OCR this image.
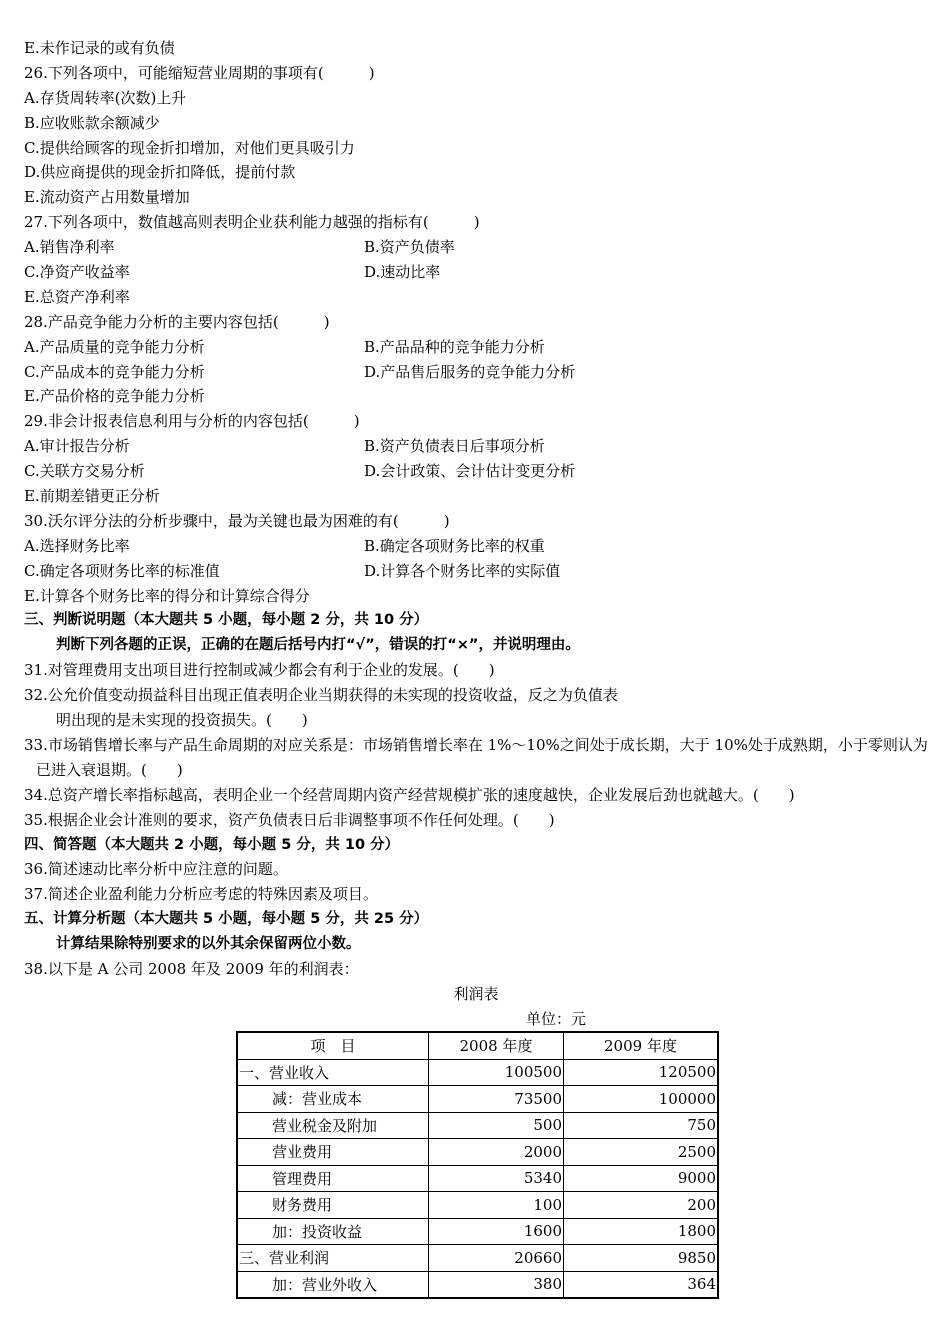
E.未作记录的或有负债
26.下列各项中，可能缩短营业周期的事项有(　　　)
A.存货周转率(次数)上升
B.应收账款余额减少
C.提供给顾客的现金折扣增加，对他们更具吸引力
D.供应商提供的现金折扣降低，提前付款
E.流动资产占用数量增加
27.下列各项中，数值越高则表明企业获利能力越强的指标有(　　　)
A.销售净利率	B.资产负债率
C.净资产收益率	D.速动比率
E.总资产净利率
28.产品竞争能力分析的主要内容包括(　　　)
A.产品质量的竞争能力分析	B.产品品种的竞争能力分析
C.产品成本的竞争能力分析	D.产品售后服务的竞争能力分析
E.产品价格的竞争能力分析
29.非会计报表信息利用与分析的内容包括(　　　)
A.审计报告分析	B.资产负债表日后事项分析
C.关联方交易分析	D.会计政策、会计估计变更分析
E.前期差错更正分析
30.沃尔评分法的分析步骤中，最为关键也最为困难的有(　　　)
A.选择财务比率	B.确定各项财务比率的权重
C.确定各项财务比率的标准值	D.计算各个财务比率的实际值
E.计算各个财务比率的得分和计算综合得分
三、判断说明题（本大题共 5 小题，每小题 2 分，共 10 分）
判断下列各题的正误，正确的在题后括号内打“√”，错误的打“×”，并说明理由。
31.对管理费用支出项目进行控制或减少都会有利于企业的发展。(　　)
32.公允价值变动损益科目出现正值表明企业当期获得的未实现的投资收益，反之为负值表
明出现的是未实现的投资损失。(　　)
33.市场销售增长率与产品生命周期的对应关系是：市场销售增长率在 1%～10%之间处于成长期，大于 10%处于成熟期，小于零则认为已进入衰退期。(　　)
34.总资产增长率指标越高，表明企业一个经营周期内资产经营规模扩张的速度越快，企业发展后劲也就越大。(　　)
35.根据企业会计准则的要求，资产负债表日后非调整事项不作任何处理。(　　)
四、简答题（本大题共 2 小题，每小题 5 分，共 10 分）
36.简述速动比率分析中应注意的问题。
37.简述企业盈利能力分析应考虑的特殊因素及项目。
五、计算分析题（本大题共 5 小题，每小题 5 分，共 25 分）
计算结果除特别要求的以外其余保留两位小数。
38.以下是 A 公司 2008 年及 2009 年的利润表：
利润表
单位：元
项　目	2008 年度	2009 年度
一、营业收入	100500	120500
减：营业成本	73500	100000
营业税金及附加	500	750
营业费用	2000	2500
管理费用	5340	9000
财务费用	100	200
加：投资收益	1600	1800
三、营业利润	20660	9850
加：营业外收入	380	364
